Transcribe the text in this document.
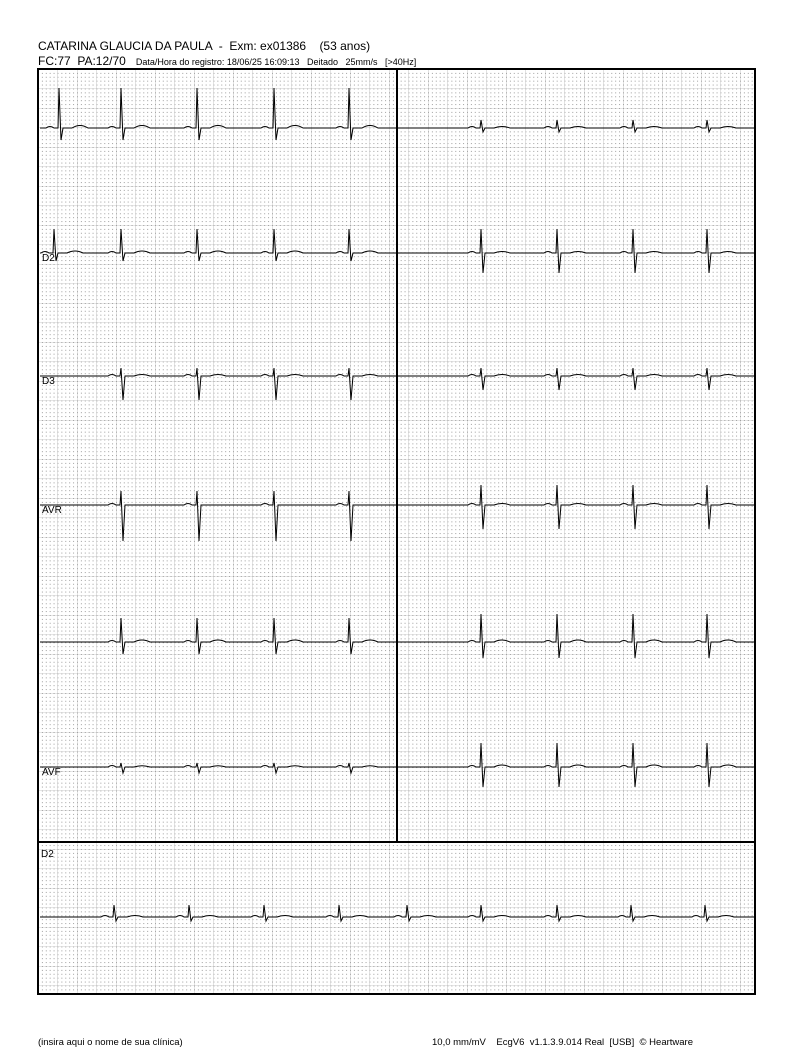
CATARINA GLAUCIA DA PAULA  -  Exm: ex01386    (53 anos)
FC:77 PA:12/70 Data/Hora do registro: 18/06/25 16:09:13   Deitado   25mm/s   [>40Hz]
D2
D3
AVR
AVF
D2
(insira aqui o nome de sua clínica)	10,0 mm/mV EcgV6  v1.1.3.9.014 Real  [USB]  © Heartware
